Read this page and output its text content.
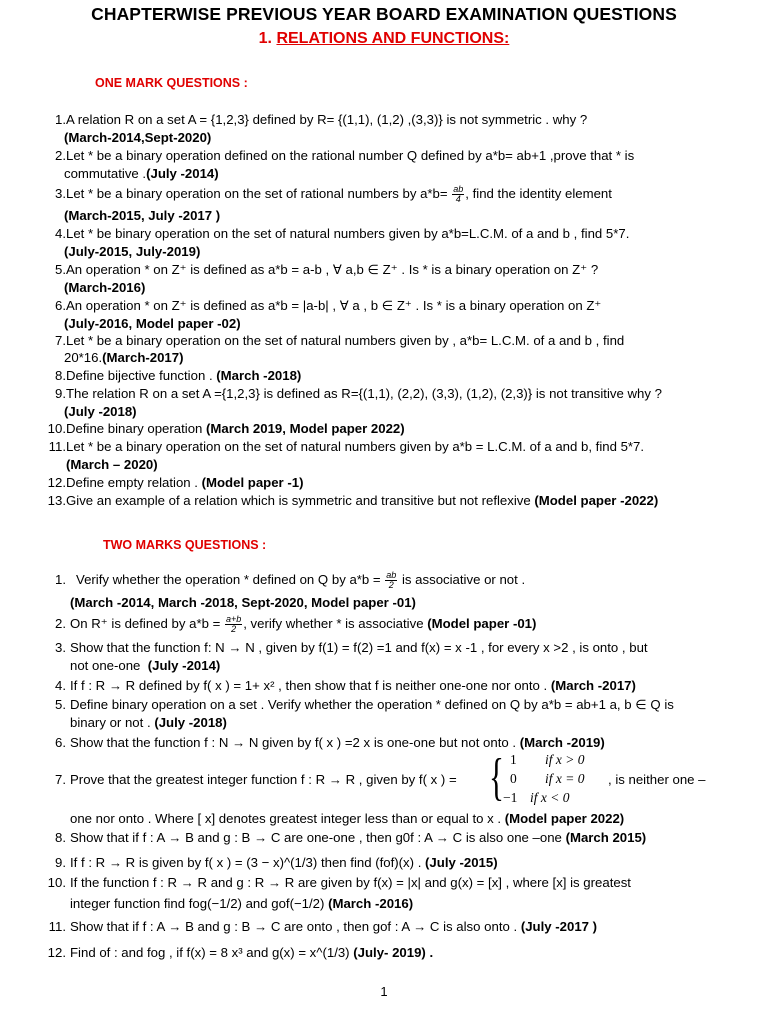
CHAPTERWISE PREVIOUS YEAR BOARD EXAMINATION QUESTIONS
1. RELATIONS AND FUNCTIONS:
ONE MARK QUESTIONS :
1. A relation R on a set A = {1,2,3} defined by R= {(1,1), (1,2) ,(3,3)} is not symmetric . why ?
(March-2014,Sept-2020)
2. Let * be a binary operation defined on the rational number Q defined by a*b= ab+1 ,prove that * is
commutative .(July -2014)
3. Let * be a binary operation on the set of rational numbers by $a*b= \frac{ab}{4}$ , find the identity element
(March-2015, July -2017 )
4. Let * be binary operation on the set of natural numbers given by a*b=L.C.M. of a and b , find 5*7.
(July-2015, July-2019)
5. An operation * on Z⁺ is defined as a*b = a-b , ∀ a,b ∈ Z⁺ . Is * is a binary operation on Z⁺ ?
(March-2016)
6. An operation * on Z⁺ is defined as a*b = |a-b| , ∀ a , b ∈ Z⁺ . Is * is a binary operation on Z⁺
(July-2016, Model paper -02)
7. Let * be a binary operation on the set of natural numbers given by , a*b= L.C.M. of a and b , find
20*16.(March-2017)
8. Define bijective function . (March -2018)
9. The relation R on a set A ={1,2,3} is defined as R={(1,1), (2,2), (3,3), (1,2), (2,3)} is not transitive why ?
(July -2018)
10. Define binary operation (March 2019, Model paper 2022)
11. Let * be a binary operation on the set of natural numbers given by a*b = L.C.M. of a and b, find 5*7.
(March – 2020)
12. Define empty relation . (Model paper -1)
13. Give an example of a relation which is symmetric and transitive but not reflexive (Model paper -2022)
TWO MARKS QUESTIONS :
1. Verify whether the operation * defined on Q by $a*b = \frac{ab}{2}$ is associative or not .
(March -2014, March -2018, Sept-2020, Model paper -01)
2. On R⁺ is defined by $a*b = \frac{a+b}{2}$ , verify whether * is associative (Model paper -01)
3. Show that the function f: N → N , given by f(1) = f(2) =1 and f(x) = x -1 , for every x >2 , is onto , but
not one-one (July -2014)
4. If f : R → R defined by f( x ) = 1+ x² , then show that f is neither one-one nor onto . (March -2017)
5. Define binary operation on a set . Verify whether the operation * defined on Q by a*b = ab+1 a, b ∈ Q is
binary or not . (July -2018)
6. Show that the function f : N → N given by f( x ) =2 x is one-one but not onto . (March -2019)
7. Prove that the greatest integer function f : R → R , given by f( x ) =	, is neither one –
{ 1 if x > 0
0 if x = 0
−1 if x < 0
one nor onto . Where [ x] denotes greatest integer less than or equal to x . (Model paper 2022)
8. Show that if f : A → B and g : B → C are one-one , then g0f : A → C is also one –one (March 2015)
9. If f : R → R is given by f( x ) = (3 − x)^(1/3) then find (fof)(x) . (July -2015)
10. If the function f : R → R and g : R → R are given by f(x) = |x| and g(x) = [x] , where [x] is greatest
integer function find fog(−1/2) and gof(−1/2) (March -2016)
11. Show that if f : A → B and g : B → C are onto , then gof : A → C is also onto . (July -2017 )
12. Find of : and fog , if f(x) = 8 x³ and g(x) = x^(1/3) (July- 2019) .
1
